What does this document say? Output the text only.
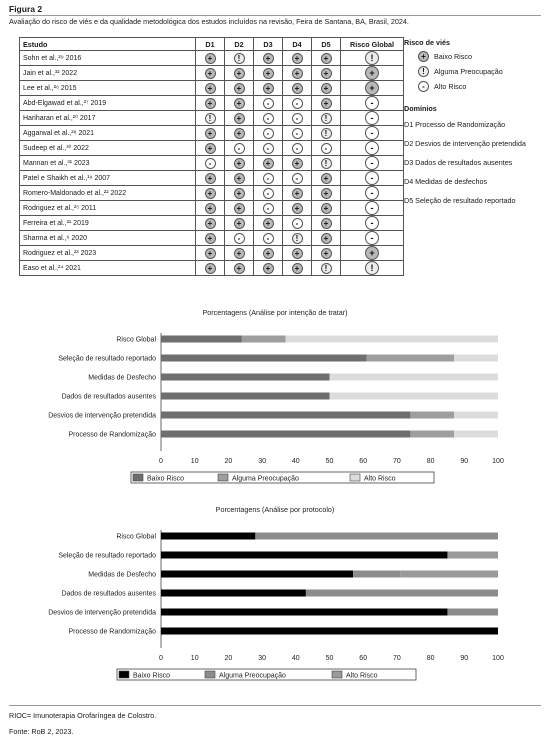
Figura 2
Avaliação do risco de viés e da qualidade metodológica dos estudos incluídos na revisão, Feira de Santana, BA, Brasil, 2024.
Estudo	D1	D2	D3	D4	D5	Risco Global
Sohn et al.,²⁹ 2016	+	!	+	+	+	!
Jain et al.,³² 2022	+	+	+	+	+	+
Lee et al.,²⁶ 2015	+	+	+	+	+	+
Abd-Elgawad et al.,²⁷ 2019	+	+	-	-	+	-
Hariharan et al.,²⁰ 2017	!	+	-	-	!	-
Aggarwal et al.,²⁸ 2021	+	+	-	-	!	-
Sudeep et al.,³⁰ 2022	+	-	-	-	-	-
Mannan et al.,³¹ 2023	-	+	+	+	!	-
Patel e Shaikh et al.,¹⁹ 2007	+	+	-	-	+	-
Romero-Maldonado et al.,²² 2022	+	+	-	+	+	-
Rodriguez et al.,²⁵ 2011	+	+	-	+	+	-
Ferreira et al.,²¹ 2019	+	+	+	-	+	-
Sharma et al.,⁶ 2020	+	-	-	!	+	-
Rodriguez et al.,²³ 2023	+	+	+	+	+	+
Easo et al.,²⁴ 2021	+	+	+	+	!	!
Risco de viés
+	Baixo Risco
!	Alguma Preocupação
-	Alto Risco
Domínios
D1 Processo de Randomização
D2 Desvios de intervenção pretendida
D3 Dados de resultados ausentes
D4 Medidas de desfechos
D5 Seleção de resultado reportado
Porcentagens (Análise por intenção de tratar)
Risco Global
Seleção de resultado reportado
Medidas de Desfecho
Dados de resultados ausentes
Desvios de intervenção pretendida
Processo de Randomização
0	10	20	30	40	50	60	70	80	90	100
Baixo Risco	Alguma Preocupação	Alto Risco
Porcentagens (Análise por protocolo)
Risco Global
Seleção de resultado reportado
Medidas de Desfecho
Dados de resultados ausentes
Desvios de intervenção pretendida
Processo de Randomização
0	10	20	30	40	50	60	70	80	90	100
Baixo Risco	Alguma Preocupação	Alto Risco
RIOC= Imunoterapia Orofaríngea de Colostro.
Fonte: RoB 2, 2023.
